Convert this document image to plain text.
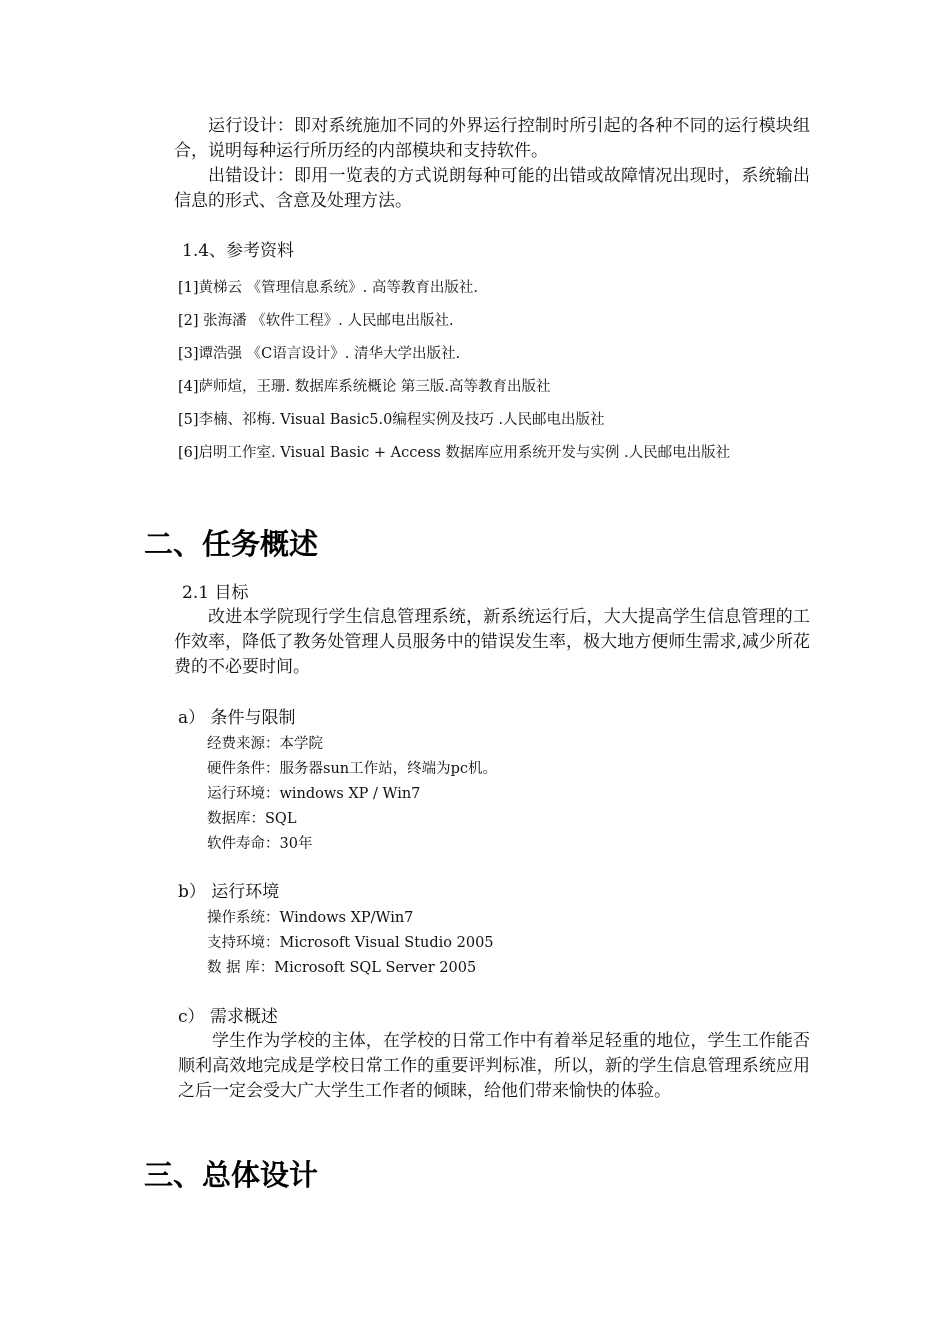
运行设计：即对系统施加不同的外界运行控制时所引起的各种不同的运行模块组合，说明每种运行所历经的内部模块和支持软件。

出错设计：即用一览表的方式说朗每种可能的出错或故障情况出现时，系统输出信息的形式、含意及处理方法。

1.4、参考资料

[1]黄梯云 《管理信息系统》. 高等教育出版社.

[2] 张海潘 《软件工程》. 人民邮电出版社.

[3]谭浩强 《C语言设计》. 清华大学出版社.

[4]萨师煊，王珊. 数据库系统概论 第三版.高等教育出版社

[5]李楠、祁梅. Visual Basic5.0编程实例及技巧 .人民邮电出版社

[6]启明工作室. Visual Basic + Access 数据库应用系统开发与实例 .人民邮电出版社

二、任务概述

2.1 目标

改进本学院现行学生信息管理系统，新系统运行后，大大提高学生信息管理的工作效率，降低了教务处管理人员服务中的错误发生率，极大地方便师生需求,减少所花费的不必要时间。

a） 条件与限制

经费来源：本学院

硬件条件：服务器sun工作站，终端为pc机。

运行环境：windows XP / Win7

数据库：SQL

软件寿命：30年

b） 运行环境

操作系统：Windows XP/Win7

支持环境：Microsoft Visual Studio 2005

数 据 库：Microsoft SQL Server 2005

c） 需求概述

学生作为学校的主体，在学校的日常工作中有着举足轻重的地位，学生工作能否顺利高效地完成是学校日常工作的重要评判标准，所以，新的学生信息管理系统应用之后一定会受大广大学生工作者的倾睐，给他们带来愉快的体验。

三、总体设计
